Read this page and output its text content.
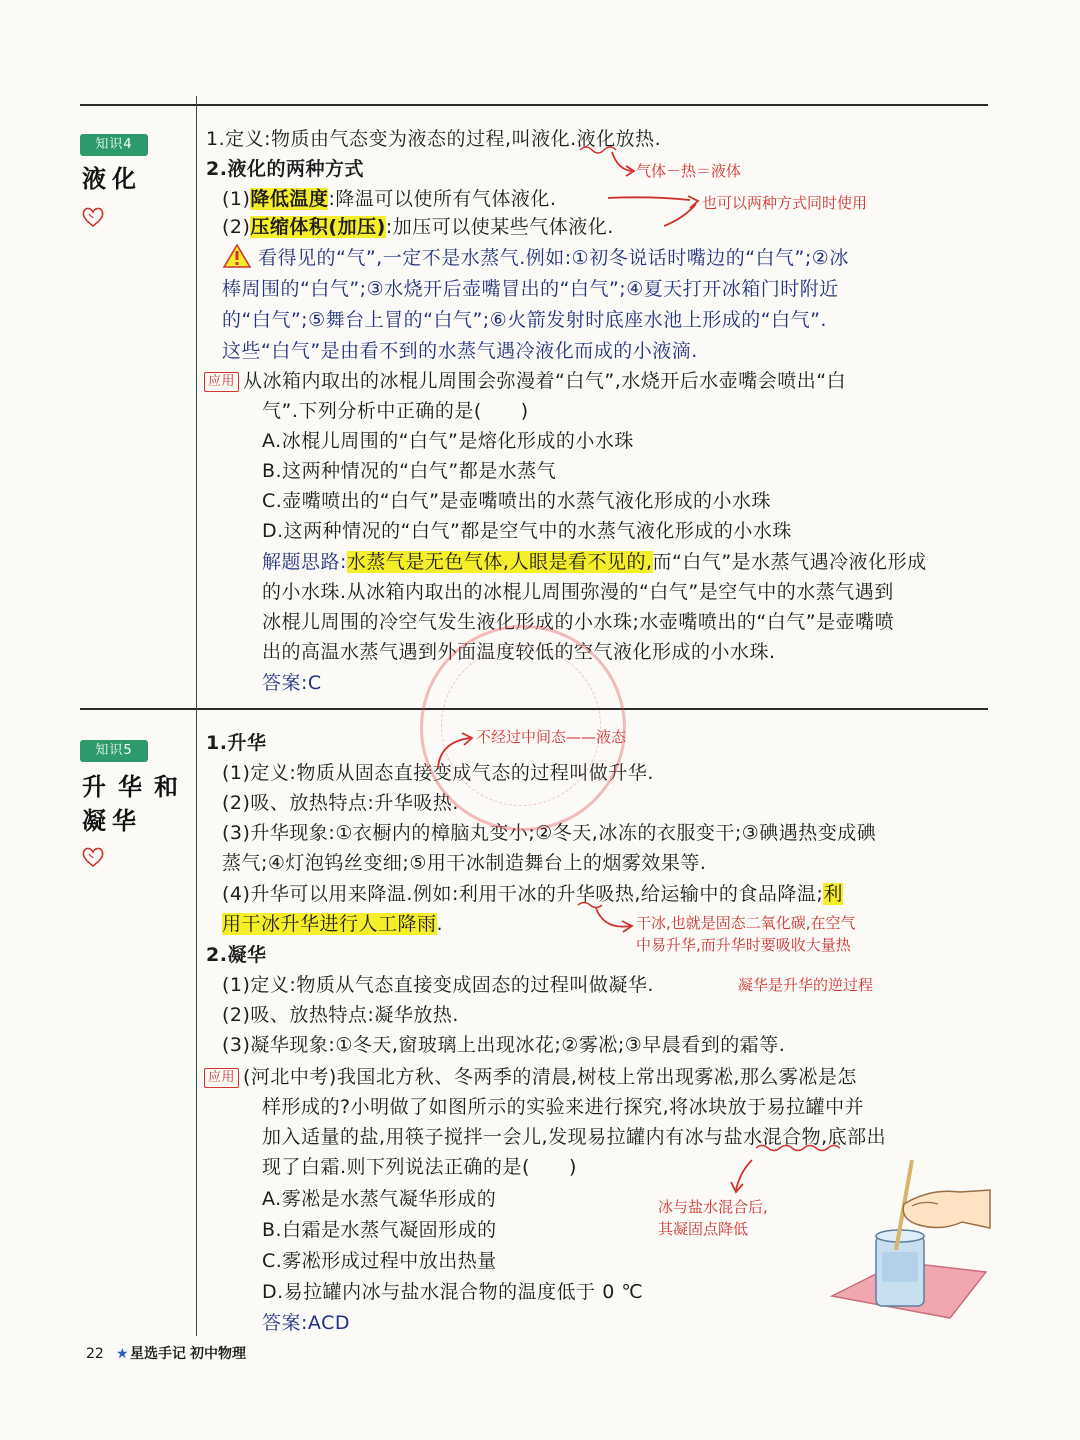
知识4
液化
1.定义:物质由气态变为液态的过程,叫液化.液化放热.
2.液化的两种方式
(1)降低温度:降温可以使所有气体液化.
(2)压缩体积(加压):加压可以使某些气体液化.
气体－热＝液体
也可以两种方式同时使用
看得见的“气”,一定不是水蒸气.例如:①初冬说话时嘴边的“白气”;②冰
棒周围的“白气”;③水烧开后壶嘴冒出的“白气”;④夏天打开冰箱门时附近
的“白气”;⑤舞台上冒的“白气”;⑥火箭发射时底座水池上形成的“白气”.
这些“白气”是由看不到的水蒸气遇冷液化而成的小液滴.
应用 从冰箱内取出的冰棍儿周围会弥漫着“白气”,水烧开后水壶嘴会喷出“白
气”.下列分析中正确的是(　　)
A.冰棍儿周围的“白气”是熔化形成的小水珠
B.这两种情况的“白气”都是水蒸气
C.壶嘴喷出的“白气”是壶嘴喷出的水蒸气液化形成的小水珠
D.这两种情况的“白气”都是空气中的水蒸气液化形成的小水珠
解题思路:水蒸气是无色气体,人眼是看不见的,而“白气”是水蒸气遇冷液化形成
的小水珠.从冰箱内取出的冰棍儿周围弥漫的“白气”是空气中的水蒸气遇到
冰棍儿周围的冷空气发生液化形成的小水珠;水壶嘴喷出的“白气”是壶嘴喷
出的高温水蒸气遇到外面温度较低的空气液化形成的小水珠.
答案:C
知识5
升华和
凝华
1.升华	不经过中间态——液态
(1)定义:物质从固态直接变成气态的过程叫做升华.
(2)吸、放热特点:升华吸热.
(3)升华现象:①衣橱内的樟脑丸变小;②冬天,冰冻的衣服变干;③碘遇热变成碘
蒸气;④灯泡钨丝变细;⑤用干冰制造舞台上的烟雾效果等.
(4)升华可以用来降温.例如:利用干冰的升华吸热,给运输中的食品降温;利
用干冰升华进行人工降雨.	干冰,也就是固态二氧化碳,在空气
中易升华,而升华时要吸收大量热
2.凝华
(1)定义:物质从气态直接变成固态的过程叫做凝华.	凝华是升华的逆过程
(2)吸、放热特点:凝华放热.
(3)凝华现象:①冬天,窗玻璃上出现冰花;②雾凇;③早晨看到的霜等.
应用 (河北中考)我国北方秋、冬两季的清晨,树枝上常出现雾凇,那么雾凇是怎
样形成的?小明做了如图所示的实验来进行探究,将冰块放于易拉罐中并
加入适量的盐,用筷子搅拌一会儿,发现易拉罐内有冰与盐水混合物,底部出
现了白霜.则下列说法正确的是(　　)
A.雾凇是水蒸气凝华形成的
B.白霜是水蒸气凝固形成的
C.雾凇形成过程中放出热量
D.易拉罐内冰与盐水混合物的温度低于 0 ℃
答案:ACD
冰与盐水混合后,
其凝固点降低
22 ★ 星选手记 初中物理
